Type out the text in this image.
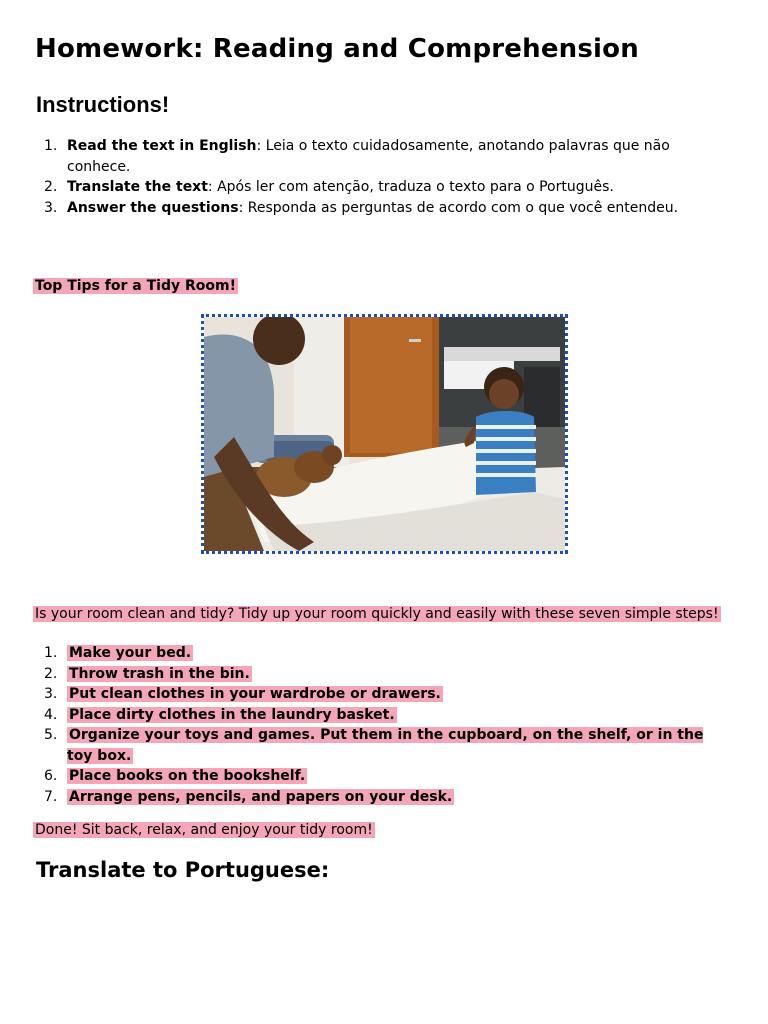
Homework: Reading and Comprehension
Instructions!
1. Read the text in English: Leia o texto cuidadosamente, anotando palavras que não conhece.
2. Translate the text: Após ler com atenção, traduza o texto para o Português.
3. Answer the questions: Responda as perguntas de acordo com o que você entendeu.
Top Tips for a Tidy Room!
Is your room clean and tidy? Tidy up your room quickly and easily with these seven simple steps!
1. Make your bed.
2. Throw trash in the bin.
3. Put clean clothes in your wardrobe or drawers.
4. Place dirty clothes in the laundry basket.
5. Organize your toys and games. Put them in the cupboard, on the shelf, or in the toy box.
6. Place books on the bookshelf.
7. Arrange pens, pencils, and papers on your desk.
Done! Sit back, relax, and enjoy your tidy room!
Translate to Portuguese:
